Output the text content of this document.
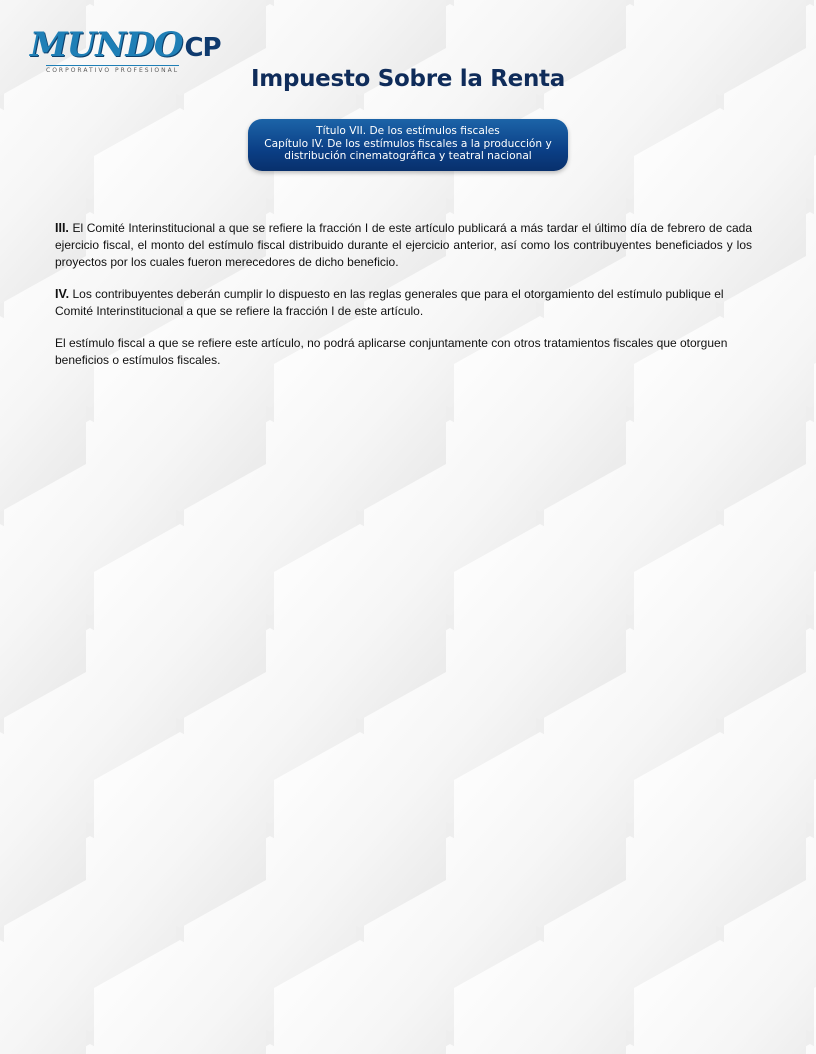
MUNDOCP
CORPORATIVO PROFESIONAL	Impuesto Sobre la Renta
Título VII. De los estímulos fiscales
Capítulo IV. De los estímulos fiscales a la producción y
distribución cinematográfica y teatral nacional

III. El Comité Interinstitucional a que se refiere la fracción I de este artículo publicará a más tardar el último día de febrero de cada ejercicio fiscal, el monto del estímulo fiscal distribuido durante el ejercicio anterior, así como los contribuyentes beneficiados y los proyectos por los cuales fueron merecedores de dicho beneficio.

IV. Los contribuyentes deberán cumplir lo dispuesto en las reglas generales que para el otorgamiento del estímulo publique el Comité Interinstitucional a que se refiere la fracción I de este artículo.

El estímulo fiscal a que se refiere este artículo, no podrá aplicarse conjuntamente con otros tratamientos fiscales que otorguen beneficios o estímulos fiscales.
